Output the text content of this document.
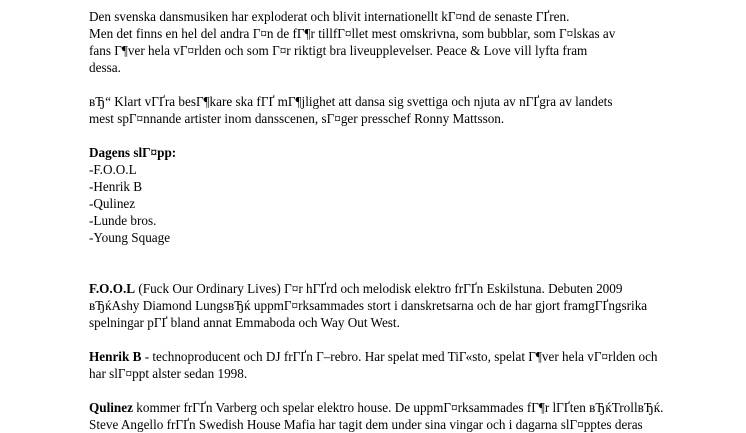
Den svenska dansmusiken har exploderat och blivit internationellt kГ¤nd de senaste ГҐren.
Men det finns en hel del andra Г¤n de fГ¶r tillfГ¤llet mest omskrivna, som bubblar, som Г¤lskas av
fans Г¶ver hela vГ¤rlden och som Г¤r riktigt bra liveupplevelser. Peace & Love vill lyfta fram
dessa.

вЂ“ Klart vГҐra besГ¶kare ska fГҐ mГ¶jlighet att dansa sig svettiga och njuta av nГҐgra av landets
mest spГ¤nnande artister inom dansscenen, sГ¤ger presschef Ronny Mattsson.

Dagens slГ¤pp:

-F.O.O.L
-Henrik B
-Qulinez
-Lunde bros.
-Young Squage

F.O.O.L (Fuck Our Ordinary Lives) Г¤r hГҐrd och melodisk elektro frГҐn Eskilstuna. Debuten 2009
вЂќAshy Diamond LungsвЂќ uppmГ¤rksammades stort i danskretsarna och de har gjort framgГҐngsrika
spelningar pГҐ bland annat Emmaboda och Way Out West.

Henrik B - technoproducent och DJ frГҐn Г–rebro. Har spelat med TiГ«sto, spelat Г¶ver hela vГ¤rlden och
har slГ¤ppt alster sedan 1998.

Qulinez kommer frГҐn Varberg och spelar elektro house. De uppmГ¤rksammades fГ¶r lГҐten вЂќTrollвЂќ.
Steve Angello frГҐn Swedish House Mafia har tagit dem under sina vingar och i dagarna slГ¤pptes deras
